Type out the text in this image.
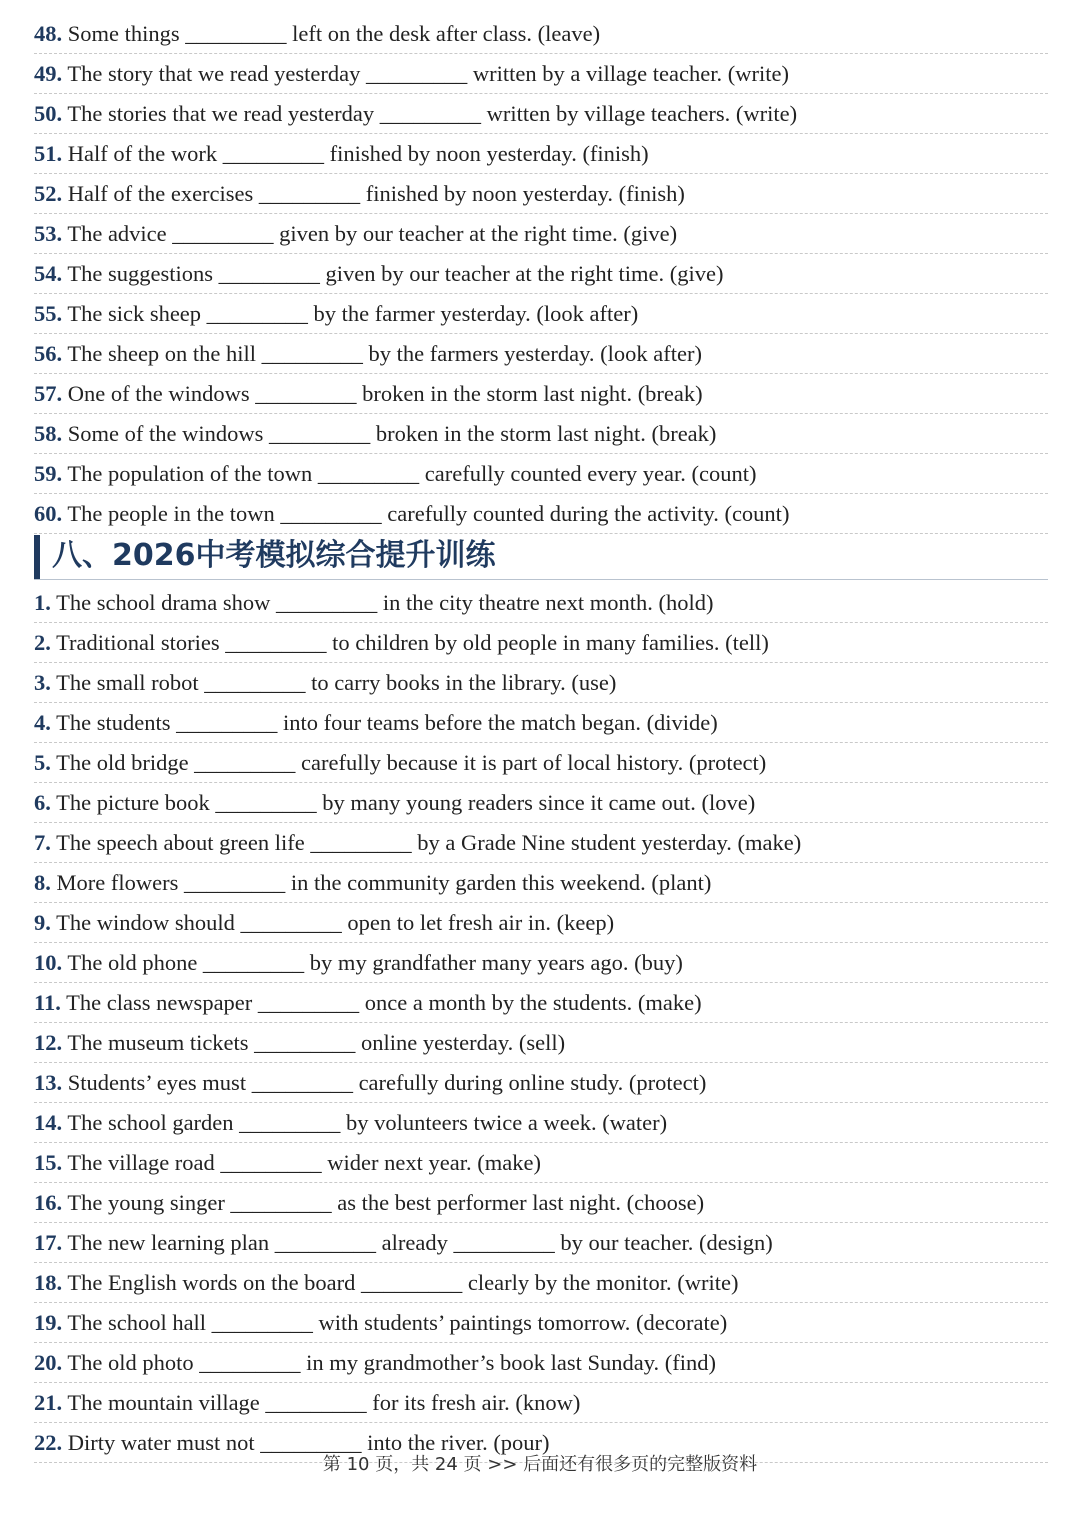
48. Some things _________ left on the desk after class. (leave)
49. The story that we read yesterday _________ written by a village teacher. (write)
50. The stories that we read yesterday _________ written by village teachers. (write)
51. Half of the work _________ finished by noon yesterday. (finish)
52. Half of the exercises _________ finished by noon yesterday. (finish)
53. The advice _________ given by our teacher at the right time. (give)
54. The suggestions _________ given by our teacher at the right time. (give)
55. The sick sheep _________ by the farmer yesterday. (look after)
56. The sheep on the hill _________ by the farmers yesterday. (look after)
57. One of the windows _________ broken in the storm last night. (break)
58. Some of the windows _________ broken in the storm last night. (break)
59. The population of the town _________ carefully counted every year. (count)
60. The people in the town _________ carefully counted during the activity. (count)
八、2026中考模拟综合提升训练
1. The school drama show _________ in the city theatre next month. (hold)
2. Traditional stories _________ to children by old people in many families. (tell)
3. The small robot _________ to carry books in the library. (use)
4. The students _________ into four teams before the match began. (divide)
5. The old bridge _________ carefully because it is part of local history. (protect)
6. The picture book _________ by many young readers since it came out. (love)
7. The speech about green life _________ by a Grade Nine student yesterday. (make)
8. More flowers _________ in the community garden this weekend. (plant)
9. The window should _________ open to let fresh air in. (keep)
10. The old phone _________ by my grandfather many years ago. (buy)
11. The class newspaper _________ once a month by the students. (make)
12. The museum tickets _________ online yesterday. (sell)
13. Students’ eyes must _________ carefully during online study. (protect)
14. The school garden _________ by volunteers twice a week. (water)
15. The village road _________ wider next year. (make)
16. The young singer _________ as the best performer last night. (choose)
17. The new learning plan _________ already _________ by our teacher. (design)
18. The English words on the board _________ clearly by the monitor. (write)
19. The school hall _________ with students’ paintings tomorrow. (decorate)
20. The old photo _________ in my grandmother’s book last Sunday. (find)
21. The mountain village _________ for its fresh air. (know)
22. Dirty water must not _________ into the river. (pour)
第 10 页，共 24 页 >> 后面还有很多页的完整版资料
